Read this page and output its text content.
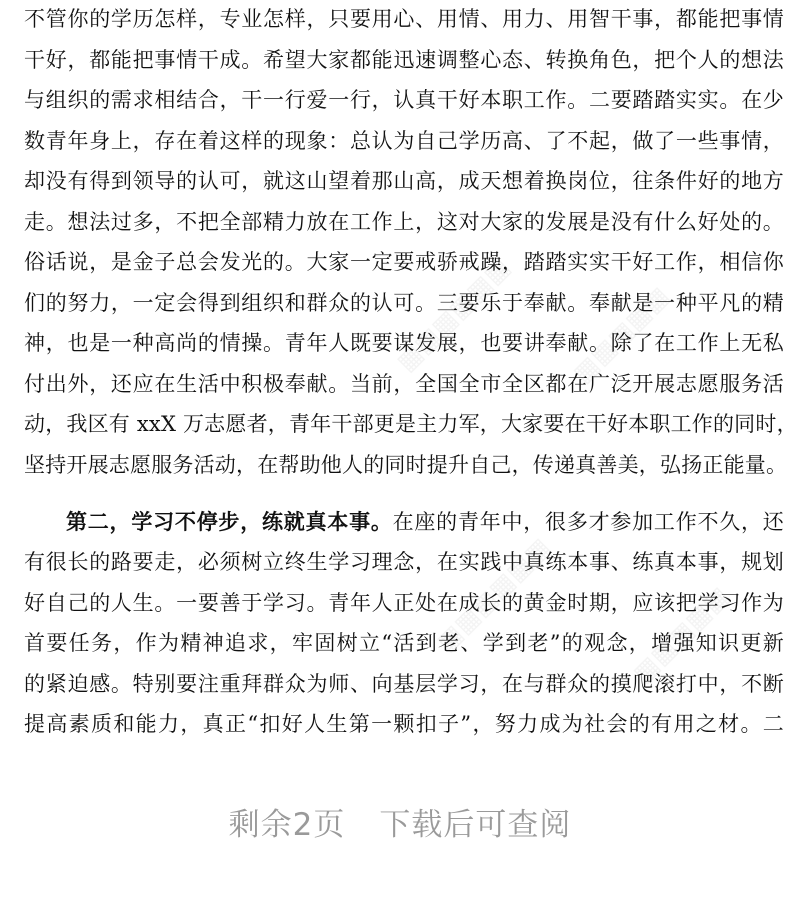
▦▦▦▦▦▦ ▦▦▦▦▦
▦▦▦▦▦▦	▦▦▦▦▦
不管你的学历怎样，专业怎样，只要用心、用情、用力、用智干事，都能把事情
干好，都能把事情干成。希望大家都能迅速调整心态、转换角色，把个人的想法
与组织的需求相结合，干一行爱一行，认真干好本职工作。二要踏踏实实。在少
数青年身上，存在着这样的现象：总认为自己学历高、了不起，做了一些事情，
却没有得到领导的认可，就这山望着那山高，成天想着换岗位，往条件好的地方
走。想法过多，不把全部精力放在工作上，这对大家的发展是没有什么好处的。
俗话说，是金子总会发光的。大家一定要戒骄戒躁，踏踏实实干好工作，相信你
们的努力，一定会得到组织和群众的认可。三要乐于奉献。奉献是一种平凡的精
神，也是一种高尚的情操。青年人既要谋发展，也要讲奉献。除了在工作上无私
付出外，还应在生活中积极奉献。当前，全国全市全区都在广泛开展志愿服务活
动，我区有 xxX 万志愿者，青年干部更是主力军，大家要在干好本职工作的同时，
坚持开展志愿服务活动，在帮助他人的同时提升自己，传递真善美，弘扬正能量。
第二，学习不停步，练就真本事。在座的青年中，很多才参加工作不久，还
有很长的路要走，必须树立终生学习理念，在实践中真练本事、练真本事，规划
好自己的人生。一要善于学习。青年人正处在成长的黄金时期，应该把学习作为
首要任务，作为精神追求，牢固树立“活到老、学到老”的观念，增强知识更新
的紧迫感。特别要注重拜群众为师、向基层学习，在与群众的摸爬滚打中，不断
提高素质和能力，真正“扣好人生第一颗扣子”，努力成为社会的有用之材。二
剩余2页 下载后可查阅
